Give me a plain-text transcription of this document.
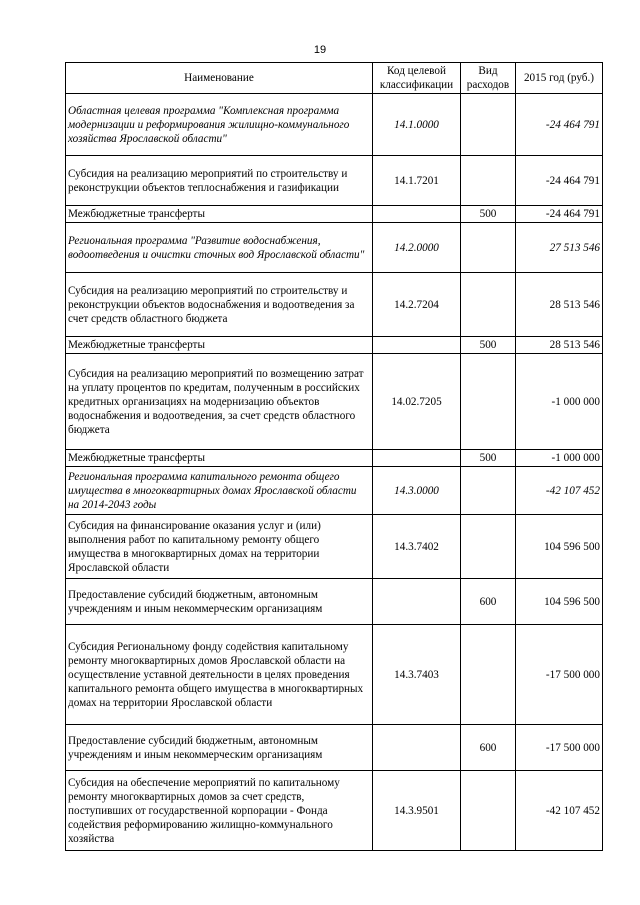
19
Наименование	Код целевой классификации	Вид расходов	2015 год (руб.)
Областная целевая программа "Комплексная программа модернизации и реформирования жилищно-коммунального хозяйства Ярославской области"	14.1.0000		-24 464 791
Субсидия на реализацию мероприятий по строительству и реконструкции объектов теплоснабжения и газификации	14.1.7201		-24 464 791
Межбюджетные трансферты		500	-24 464 791
Региональная программа "Развитие водоснабжения, водоотведения и очистки сточных вод Ярославской области"	14.2.0000		27 513 546
Субсидия на реализацию мероприятий по строительству и реконструкции объектов водоснабжения и водоотведения за счет средств областного бюджета	14.2.7204		28 513 546
Межбюджетные трансферты		500	28 513 546
Субсидия на реализацию мероприятий по возмещению затрат на уплату процентов по кредитам, полученным в российских кредитных организациях на модернизацию объектов водоснабжения и водоотведения, за счет средств областного бюджета	14.02.7205		-1 000 000
Межбюджетные трансферты		500	-1 000 000
Региональная программа капитального ремонта общего имущества в многоквартирных домах Ярославской области на 2014-2043 годы	14.3.0000		-42 107 452
Субсидия на финансирование оказания услуг и (или) выполнения работ по капитальному ремонту общего имущества в многоквартирных домах на территории Ярославской области	14.3.7402		104 596 500
Предоставление субсидий бюджетным, автономным учреждениям и иным некоммерческим организациям		600	104 596 500
Субсидия Региональному фонду содействия капитальному ремонту многоквартирных домов Ярославской области на осуществление уставной деятельности в целях проведения капитального ремонта общего имущества в многоквартирных домах на территории Ярославской области	14.3.7403		-17 500 000
Предоставление субсидий бюджетным, автономным учреждениям и иным некоммерческим организациям		600	-17 500 000
Субсидия на обеспечение мероприятий по капитальному ремонту многоквартирных домов за счет средств, поступивших от государственной корпорации - Фонда содействия реформированию жилищно-коммунального хозяйства	14.3.9501		-42 107 452
